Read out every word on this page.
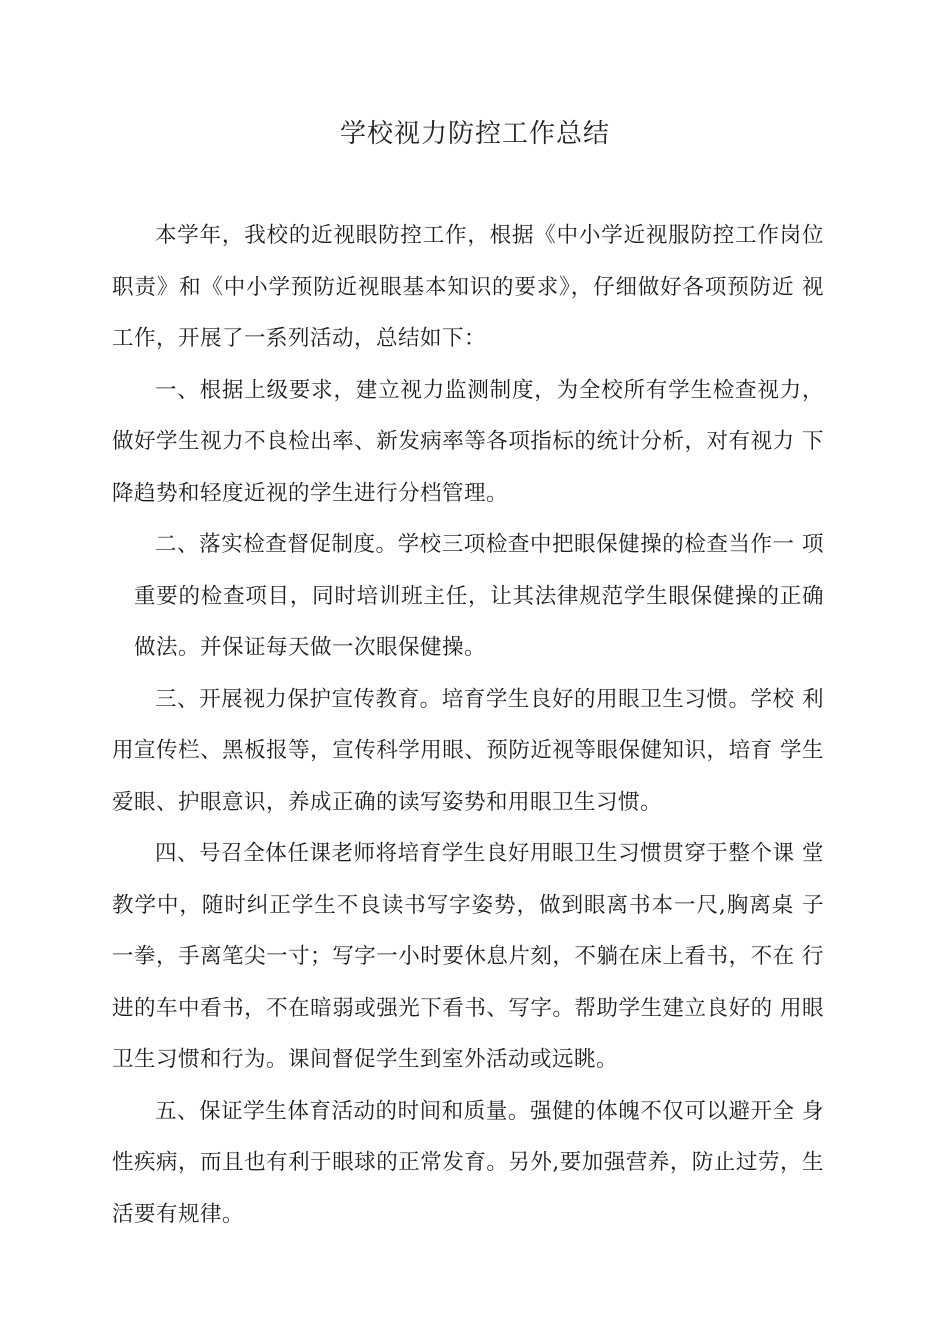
学校视力防控工作总结

本学年，我校的近视眼防控工作，根据《中小学近视服防控工作岗位职责》和《中小学预防近视眼基本知识的要求》，仔细做好各项预防近 视工作，开展了一系列活动，总结如下：

一、根据上级要求，建立视力监测制度，为全校所有学生检查视力，做好学生视力不良检出率、新发病率等各项指标的统计分析，对有视力 下降趋势和轻度近视的学生进行分档管理。

二、落实检查督促制度。学校三项检查中把眼保健操的检查当作一 项重要的检查项目，同时培训班主任，让其法律规范学生眼保健操的正确做法。并保证每天做一次眼保健操。

三、开展视力保护宣传教育。培育学生良好的用眼卫生习惯。学校 利用宣传栏、黑板报等，宣传科学用眼、预防近视等眼保健知识，培育 学生爱眼、护眼意识，养成正确的读写姿势和用眼卫生习惯。

四、号召全体任课老师将培育学生良好用眼卫生习惯贯穿于整个课 堂教学中，随时纠正学生不良读书写字姿势，做到眼离书本一尺,胸离桌 子一拳，手离笔尖一寸；写字一小时要休息片刻，不躺在床上看书，不在 行进的车中看书，不在暗弱或强光下看书、写字。帮助学生建立良好的 用眼卫生习惯和行为。课间督促学生到室外活动或远眺。

五、保证学生体育活动的时间和质量。强健的体魄不仅可以避开全 身性疾病，而且也有利于眼球的正常发育。另外,要加强营养，防止过劳，生活要有规律。
